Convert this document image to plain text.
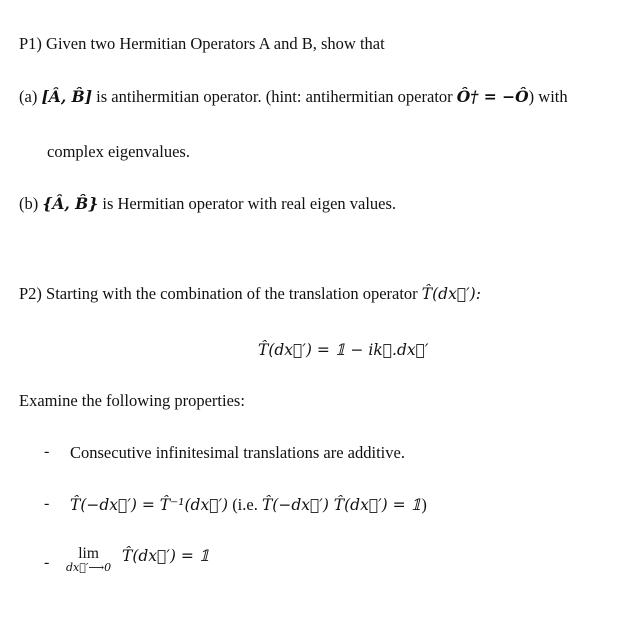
P1) Given two Hermitian Operators A and B, show that
(a) [Â, B̂] is antihermitian operator. (hint: antihermitian operator Ô† = −Ô) with
complex eigenvalues.
(b) {Â, B̂} is Hermitian operator with real eigen values.
P2) Starting with the combination of the translation operator T̂(dx⃗′):
T̂(dx⃗′) = 𝟙 − ik⃗.dx⃗′
Examine the following properties:
- Consecutive infinitesimal translations are additive.
- T̂(−dx⃗′) = T̂⁻¹(dx⃗′) (i.e. T̂(−dx⃗′) T̂(dx⃗′) = 𝟙)
-
lim
dx⃗′⟶0
T̂(dx⃗′) = 𝟙
